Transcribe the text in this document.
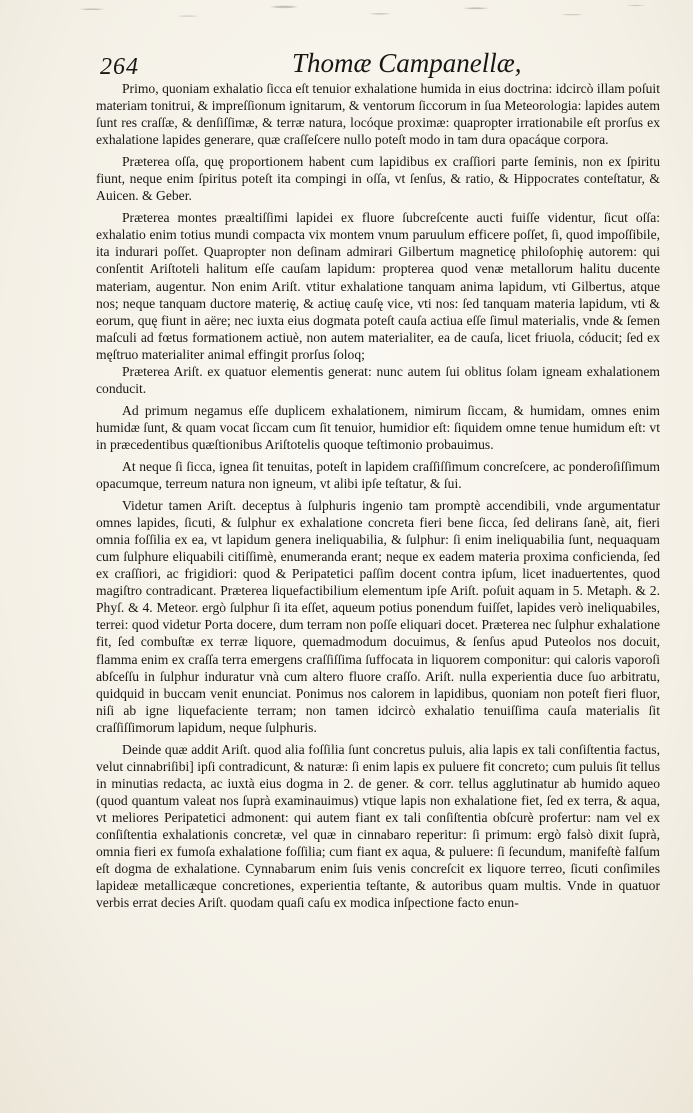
264	Thomæ Campanellæ,

Primo, quoniam exhalatio ſicca eſt tenuior exhalatione humida in eius doctrina: idcircò illam poſuit materiam tonitrui, & impreſſionum ignitarum, & ventorum ſiccorum in ſua Meteorologia: lapides autem ſunt res craſſæ, & denſiſſimæ, & terræ natura, locóque proximæ: quapropter irrationabile eſt prorſus ex exhalatione lapides generare, quæ craſſeſcere nullo poteſt modo in tam dura opacáque corpora.

Præterea oſſa, quę proportionem habent cum lapidibus ex craſſiori parte ſeminis, non ex ſpiritu fiunt, neque enim ſpiritus poteſt ita compingi in oſſa, vt ſenſus, & ratio, & Hippocrates conteſtatur, & Auicen. & Geber.

Præterea montes præaltiſſimi lapidei ex fluore ſubcreſcente aucti fuiſſe videntur, ſicut oſſa: exhalatio enim totius mundi compacta vix montem vnum paruulum efficere poſſet, ſi, quod impoſſibile, ita indurari poſſet. Quapropter non deſinam admirari Gilbertum magneticę philoſophię autorem: qui conſentit Ariſtoteli halitum eſſe cauſam lapidum: propterea quod venæ metallorum halitu ducente materiam, augentur. Non enim Ariſt. vtitur exhalatione tanquam anima lapidum, vti Gilbertus, atque nos; neque tanquam ductore materię, & actiuę cauſę vice, vti nos: ſed tanquam materia lapidum, vti & eorum, quę fiunt in aëre; nec iuxta eius dogmata poteſt cauſa actiua eſſe ſimul materialis, vnde & ſemen maſculi ad fœtus formationem actiuè, non autem materialiter, ea de cauſa, licet friuola, códucit; ſed ex męſtruo materialiter animal effingit prorſus ſoloq;

Præterea Ariſt. ex quatuor elementis generat: nunc autem ſui oblitus ſolam igneam exhalationem conducit.

Ad primum negamus eſſe duplicem exhalationem, nimirum ſiccam, & humidam, omnes enim humidæ ſunt, & quam vocat ſiccam cum ſit tenuior, humidior eſt: ſiquidem omne tenue humidum eſt: vt in præcedentibus quæſtionibus Ariſtotelis quoque teſtimonio probauimus.

At neque ſi ſicca, ignea ſit tenuitas, poteſt in lapidem craſſiſſimum concreſcere, ac ponderoſiſſimum opacumque, terreum natura non igneum, vt alibi ipſe teſtatur, & ſui.

Videtur tamen Ariſt. deceptus à ſulphuris ingenio tam promptè accendibili, vnde argumentatur omnes lapides, ſicuti, & ſulphur ex exhalatione concreta fieri bene ſicca, ſed delirans ſanè, ait, fieri omnia foſſilia ex ea, vt lapidum genera ineliquabilia, & ſulphur: ſi enim ineliquabilia ſunt, nequaquam cum ſulphure eliquabili citiſſimè, enumeranda erant; neque ex eadem materia proxima conficienda, ſed ex craſſiori, ac frigidiori: quod & Peripatetici paſſim docent contra ipſum, licet inaduertentes, quod magiſtro contradicant. Præterea liquefactibilium elementum ipſe Ariſt. poſuit aquam in 5. Metaph. & 2. Phyſ. & 4. Meteor. ergò ſulphur ſi ita eſſet, aqueum potius ponendum fuiſſet, lapides verò ineliquabiles, terrei: quod videtur Porta docere, dum terram non poſſe eliquari docet. Præterea nec ſulphur exhalatione fit, ſed combuſtæ ex terræ liquore, quemadmodum docuimus, & ſenſus apud Puteolos nos docuit, flamma enim ex craſſa terra emergens craſſiſſima ſuffocata in liquorem componitur: qui caloris vaporoſi abſceſſu in ſulphur induratur vnà cum altero fluore craſſo. Ariſt. nulla experientia duce ſuo arbitratu, quidquid in buccam venit enunciat. Ponimus nos calorem in lapidibus, quoniam non poteſt fieri fluor, niſi ab igne liquefaciente terram; non tamen idcircò exhalatio tenuiſſima cauſa materialis ſit craſſiſſimorum lapidum, neque ſulphuris.

Deinde quæ addit Ariſt. quod alia foſſilia ſunt concretus puluis, alia lapis ex tali conſiſtentia factus, velut cinnabriſibi] ipſi contradicunt, & naturæ: ſi enim lapis ex puluere fit concreto; cum puluis ſit tellus in minutias redacta, ac iuxtà eius dogma in 2. de gener. & corr. tellus agglutinatur ab humido aqueo (quod quantum valeat nos ſuprà examinauimus) vtique lapis non exhalatione fiet, ſed ex terra, & aqua, vt meliores Peripatetici admonent: qui autem fiant ex tali conſiſtentia obſcurè profertur: nam vel ex conſiſtentia exhalationis concretæ, vel quæ in cinnabaro reperitur: ſi primum: ergò falsò dixit ſuprà, omnia fieri ex fumoſa exhalatione foſſilia; cum fiant ex aqua, & puluere: ſi ſecundum, manifeſtè falſum eſt dogma de exhalatione. Cynnabarum enim ſuis venis concreſcit ex liquore terreo, ſicuti conſimiles lapideæ metallicæque concretiones, experientia teſtante, & autoribus quam multis. Vnde in quatuor verbis errat decies Ariſt. quodam quaſi caſu ex modica inſpectione facto enun-
